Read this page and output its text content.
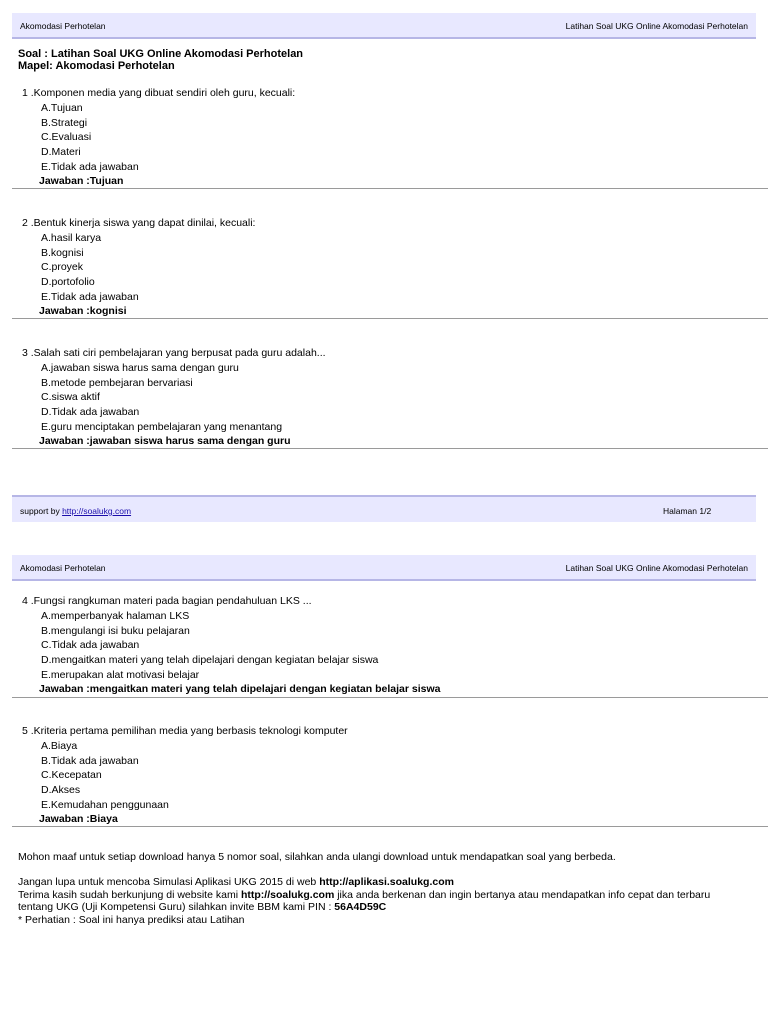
Akomodasi Perhotelan	Latihan Soal UKG Online Akomodasi Perhotelan
Soal : Latihan Soal UKG Online Akomodasi Perhotelan
Mapel: Akomodasi Perhotelan
1 .Komponen media yang dibuat sendiri oleh guru, kecuali:
A.Tujuan
B.Strategi
C.Evaluasi
D.Materi
E.Tidak ada jawaban
Jawaban :Tujuan
2 .Bentuk kinerja siswa yang dapat dinilai, kecuali:
A.hasil karya
B.kognisi
C.proyek
D.portofolio
E.Tidak ada jawaban
Jawaban :kognisi
3 .Salah sati ciri pembelajaran yang berpusat pada guru adalah...
A.jawaban siswa harus sama dengan guru
B.metode pembejaran bervariasi
C.siswa aktif
D.Tidak ada jawaban
E.guru menciptakan pembelajaran yang menantang
Jawaban :jawaban siswa harus sama dengan guru
support by http://soalukg.com	Halaman 1/2
Akomodasi Perhotelan	Latihan Soal UKG Online Akomodasi Perhotelan
4 .Fungsi rangkuman materi pada bagian pendahuluan LKS ...
A.memperbanyak halaman LKS
B.mengulangi isi buku pelajaran
C.Tidak ada jawaban
D.mengaitkan materi yang telah dipelajari dengan kegiatan belajar siswa
E.merupakan alat motivasi belajar
Jawaban :mengaitkan materi yang telah dipelajari dengan kegiatan belajar siswa
5 .Kriteria pertama pemilihan media yang berbasis teknologi komputer
A.Biaya
B.Tidak ada jawaban
C.Kecepatan
D.Akses
E.Kemudahan penggunaan
Jawaban :Biaya
Mohon maaf untuk setiap download hanya 5 nomor soal, silahkan anda ulangi download untuk mendapatkan soal yang berbeda.
Jangan lupa untuk mencoba Simulasi Aplikasi UKG 2015 di web http://aplikasi.soalukg.com
Terima kasih sudah berkunjung di website kami http://soalukg.com jika anda berkenan dan ingin bertanya atau mendapatkan info cepat dan terbaru tentang UKG (Uji Kompetensi Guru) silahkan invite BBM kami PIN : 56A4D59C
* Perhatian : Soal ini hanya prediksi atau Latihan
